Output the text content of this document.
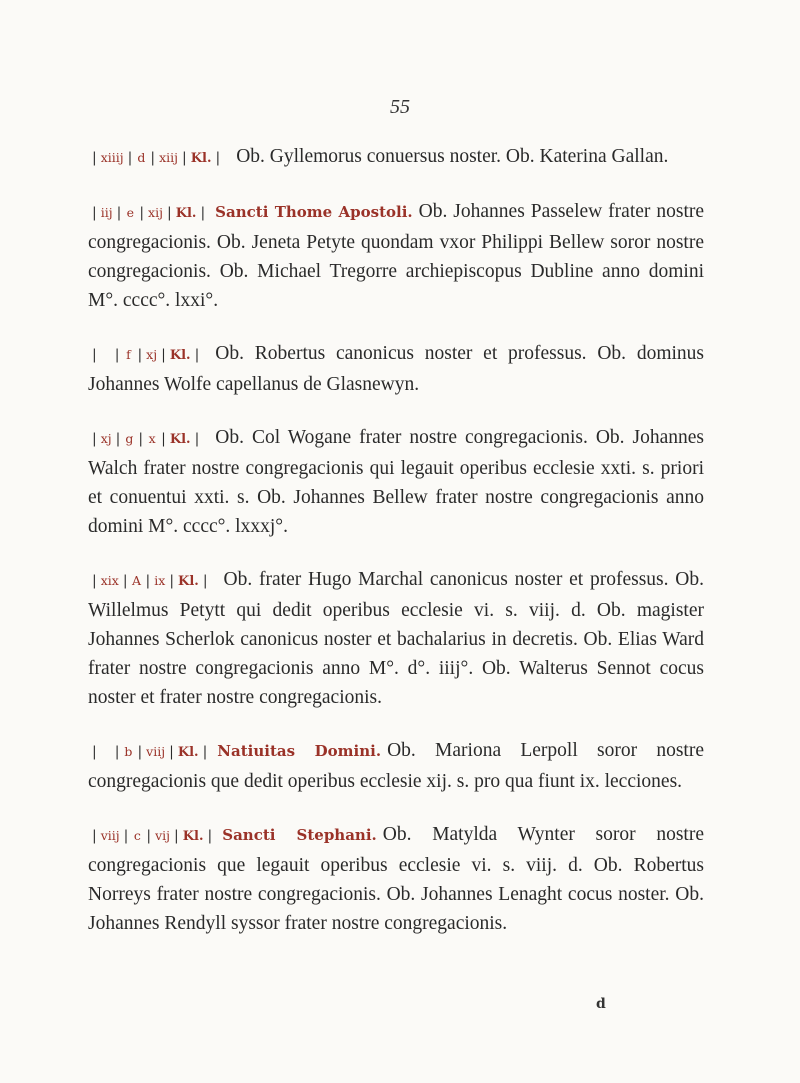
55

| xiiij | d | xiij | Kl. | Ob. Gyllemorus conuersus noster. Ob. Katerina Gallan.

| iij | e | xij | Kl. | Sancti Thome Apostoli. Ob. Johannes Passelew frater nostre congregacionis. Ob. Jeneta Petyte quondam vxor Philippi Bellew soror nostre congregacionis. Ob. Michael Tregorre archiepiscopus Dubline anno domini M°. cccc°. lxxi°.

| | f | xj | Kl. | Ob. Robertus canonicus noster et professus. Ob. dominus Johannes Wolfe capellanus de Glasnewyn.

| xj | g | x | Kl. | Ob. Col Wogane frater nostre congregacionis. Ob. Johannes Walch frater nostre congregacionis qui legauit operibus ecclesie xxti. s. priori et conuentui xxti. s. Ob. Johannes Bellew frater nostre congregacionis anno domini M°. cccc°. lxxxj°.

| xix | A | ix | Kl. | Ob. frater Hugo Marchal canonicus noster et professus. Ob. Willelmus Petytt qui dedit operibus ecclesie vi. s. viij. d. Ob. magister Johannes Scherlok canonicus noster et bachalarius in decretis. Ob. Elias Ward frater nostre congregacionis anno M°. d°. iiij°. Ob. Walterus Sennot cocus noster et frater nostre congregacionis.

| | b | viij | Kl. | Natiuitas Domini. Ob. Mariona Lerpoll soror nostre congregacionis que dedit operibus ecclesie xij. s. pro qua fiunt ix. lecciones.

| viij | c | vij | Kl. | Sancti Stephani. Ob. Matylda Wynter soror nostre congregacionis que legauit operibus ecclesie vi. s. viij. d. Ob. Robertus Norreys frater nostre congregacionis. Ob. Johannes Lenaght cocus noster. Ob. Johannes Rendyll syssor frater nostre congregacionis.

d
